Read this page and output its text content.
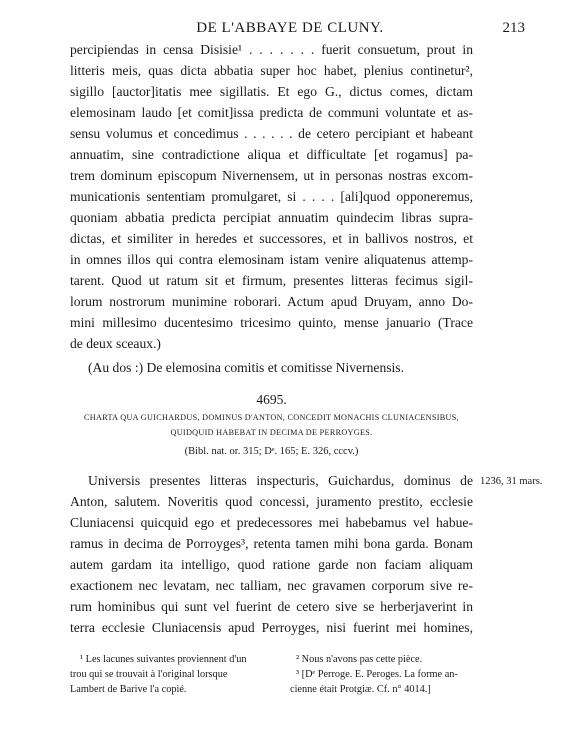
DE L'ABBAYE DE CLUNY.	213
percipiendas in censa Disisie¹ . . . . . . . fuerit consuetum, prout in
litteris meis, quas dicta abbatia super hoc habet, plenius continetur²,
sigillo [auctor]itatis mee sigillatis. Et ego G., dictus comes, dictam
elemosinam laudo [et comit]issa predicta de communi voluntate et as-
sensu volumus et concedimus . . . . . . de cetero percipiant et habeant
annuatim, sine contradictione aliqua et difficultate [et rogamus] pa-
trem dominum episcopum Nivernensem, ut in personas nostras excom-
municationis sententiam promulgaret, si . . . . [ali]quod opponeremus,
quoniam abbatia predicta percipiat annuatim quindecim libras supra-
dictas, et similiter in heredes et successores, et in ballivos nostros, et
in omnes illos qui contra elemosinam istam venire aliquatenus attemp-
tarent. Quod ut ratum sit et firmum, presentes litteras fecimus sigil-
lorum nostrorum munimine roborari. Actum apud Druyam, anno Do-
mini millesimo ducentesimo tricesimo quinto, mense januario (Trace
de deux sceaux.)
(Au dos :) De elemosina comitis et comitisse Nivernensis.
4695.
CHARTA QUA GUICHARDUS, DOMINUS D'ANTON, CONCEDIT MONACHIS CLUNIACENSIBUS,
QUIDQUID HABEBAT IN DECIMA DE PERROYGES.
(Bibl. nat. or. 315; Dᵉ. 165; E. 326, cccv.)
1236, 31 mars.
Universis presentes litteras inspecturis, Guichardus, dominus de
Anton, salutem. Noveritis quod concessi, juramento prestito, ecclesie
Cluniacensi quicquid ego et predecessores mei habebamus vel habue-
ramus in decima de Porroyges³, retenta tamen mihi bona garda. Bonam
autem gardam ita intelligo, quod ratione garde non faciam aliquam
exactionem nec levatam, nec talliam, nec gravamen corporum sive re-
rum hominibus qui sunt vel fuerint de cetero sive se herberjaverint in
terra ecclesie Cluniacensis apud Perroyges, nisi fuerint mei homines,
¹ Les lacunes suivantes proviennent d'un
trou qui se trouvait à l'original lorsque
Lambert de Barive l'a copié.
² Nous n'avons pas cette pièce.
³ [Dᵉ Perroge. E. Peroges. La forme an-
cienne était Protgiæ. Cf. n° 4014.]
